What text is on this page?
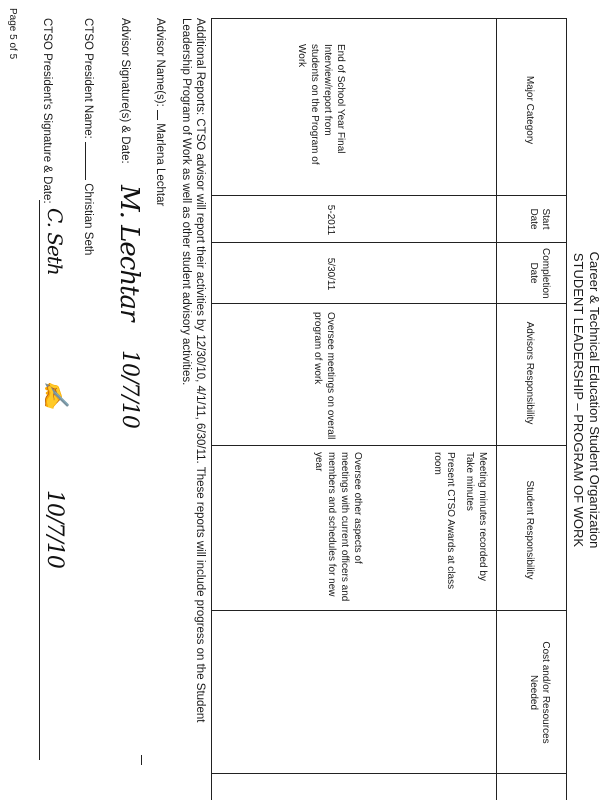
Career & Technical Education Student Organization
STUDENT LEADERSHIP – PROGRAM OF WORK
Major Category
Start Date
Completion Date
Advisors Responsibility
Student Responsibility
Cost and/or Resources Needed
End of School Year Final Interview/report from students on the Program of Work
5-2011
5/30/11
Oversee meetings on overall program of work
Meeting minutes recorded by Take minutes
Present CTSO Awards at class room
Oversee other aspects of meetings with current officers and members and schedules for new year
Additional Reports: CTSO advisor will report their activities by 12/30/10, 4/1/11, 6/30/11. These reports will include progress on the Student Leadership Program of Work as well as other student advisory activities.
Advisor Name(s):  Marlena Lechtar
Advisor Signature(s) & Date:
M. Lechtar
10/7/10
CTSO President Name:  Christian Seth
CTSO President's Signature & Date:
C. Seth
✍
10/7/10
Page 5 of 5
